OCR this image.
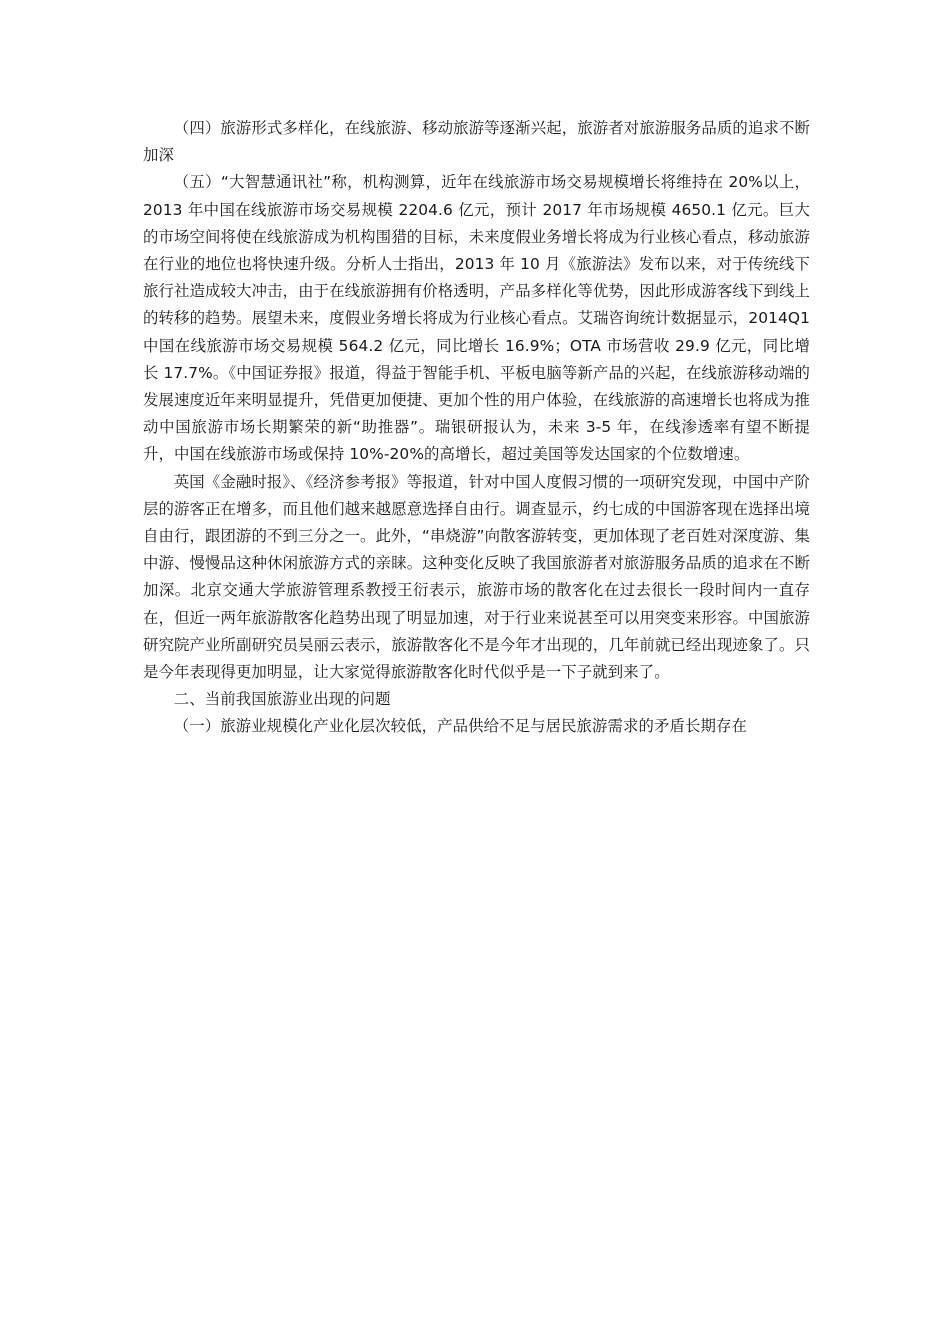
（四）旅游形式多样化，在线旅游、移动旅游等逐渐兴起，旅游者对旅游服务品质的追求不断加深

（五）“大智慧通讯社”称，机构测算，近年在线旅游市场交易规模增长将维持在 20%以上，2013 年中国在线旅游市场交易规模 2204.6 亿元，预计 2017 年市场规模 4650.1 亿元。巨大的市场空间将使在线旅游成为机构围猎的目标，未来度假业务增长将成为行业核心看点，移动旅游在行业的地位也将快速升级。分析人士指出，2013 年 10 月《旅游法》发布以来，对于传统线下旅行社造成较大冲击，由于在线旅游拥有价格透明，产品多样化等优势，因此形成游客线下到线上的转移的趋势。展望未来，度假业务增长将成为行业核心看点。艾瑞咨询统计数据显示，2014Q1 中国在线旅游市场交易规模 564.2 亿元，同比增长 16.9%；OTA 市场营收 29.9 亿元，同比增长 17.7%。《中国证券报》报道，得益于智能手机、平板电脑等新产品的兴起，在线旅游移动端的发展速度近年来明显提升，凭借更加便捷、更加个性的用户体验，在线旅游的高速增长也将成为推动中国旅游市场长期繁荣的新“助推器”。瑞银研报认为，未来 3-5 年，在线渗透率有望不断提升，中国在线旅游市场或保持 10%-20%的高增长，超过美国等发达国家的个位数增速。

英国《金融时报》、《经济参考报》等报道，针对中国人度假习惯的一项研究发现，中国中产阶层的游客正在增多，而且他们越来越愿意选择自由行。调查显示，约七成的中国游客现在选择出境自由行，跟团游的不到三分之一。此外，“串烧游”向散客游转变，更加体现了老百姓对深度游、集中游、慢慢品这种休闲旅游方式的亲睐。这种变化反映了我国旅游者对旅游服务品质的追求在不断加深。北京交通大学旅游管理系教授王衍表示，旅游市场的散客化在过去很长一段时间内一直存在，但近一两年旅游散客化趋势出现了明显加速，对于行业来说甚至可以用突变来形容。中国旅游研究院产业所副研究员吴丽云表示，旅游散客化不是今年才出现的，几年前就已经出现迹象了。只是今年表现得更加明显，让大家觉得旅游散客化时代似乎是一下子就到来了。

二、当前我国旅游业出现的问题

（一）旅游业规模化产业化层次较低，产品供给不足与居民旅游需求的矛盾长期存在
